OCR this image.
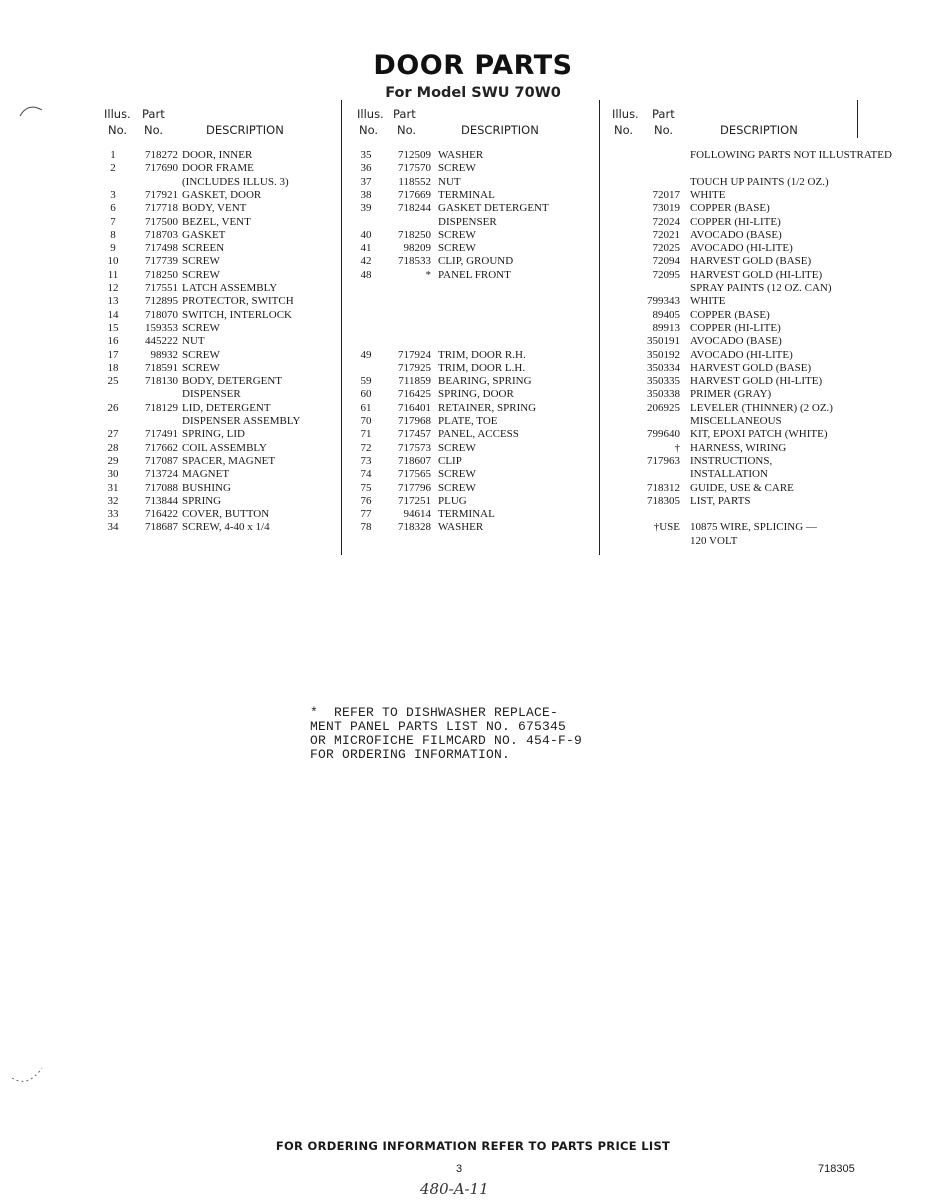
DOOR PARTS
For Model SWU 70W0
Illus. Part
No. No.	DESCRIPTION
1	718272 DOOR, INNER
2	717690 DOOR FRAME
(INCLUDES ILLUS. 3)
3	717921 GASKET, DOOR
6	717718 BODY, VENT
7	717500 BEZEL, VENT
8	718703 GASKET
9	717498 SCREEN
10	717739 SCREW
11	718250 SCREW
12	717551 LATCH ASSEMBLY
13	712895 PROTECTOR, SWITCH
14	718070 SWITCH, INTERLOCK
15	159353 SCREW
16	445222 NUT
17	98932 SCREW
18	718591 SCREW
25	718130 BODY, DETERGENT
DISPENSER
26	718129 LID, DETERGENT
DISPENSER ASSEMBLY
27	717491 SPRING, LID
28	717662 COIL ASSEMBLY
29	717087 SPACER, MAGNET
30	713724 MAGNET
31	717088 BUSHING
32	713844 SPRING
33	716422 COVER, BUTTON
34	718687 SCREW, 4-40 x 1/4
Illus. Part
No. No.	DESCRIPTION
35	712509 WASHER
36	717570 SCREW
37	118552 NUT
38	717669 TERMINAL
39	718244 GASKET DETERGENT
DISPENSER
40	718250 SCREW
41	98209 SCREW
42	718533 CLIP, GROUND
48	* PANEL FRONT
49	717924 TRIM, DOOR R.H.
717925 TRIM, DOOR L.H.
59	711859 BEARING, SPRING
60	716425 SPRING, DOOR
61	716401 RETAINER, SPRING
70	717968 PLATE, TOE
71	717457 PANEL, ACCESS
72	717573 SCREW
73	718607 CLIP
74	717565 SCREW
75	717796 SCREW
76	717251 PLUG
77	94614 TERMINAL
78	718328 WASHER
Illus. Part
No. No.	DESCRIPTION
FOLLOWING PARTS NOT ILLUSTRATED
TOUCH UP PAINTS (1/2 OZ.)
72017 WHITE
73019 COPPER (BASE)
72024 COPPER (HI-LITE)
72021 AVOCADO (BASE)
72025 AVOCADO (HI-LITE)
72094 HARVEST GOLD (BASE)
72095 HARVEST GOLD (HI-LITE)
SPRAY PAINTS (12 OZ. CAN)
799343 WHITE
89405 COPPER (BASE)
89913 COPPER (HI-LITE)
350191 AVOCADO (BASE)
350192 AVOCADO (HI-LITE)
350334 HARVEST GOLD (BASE)
350335 HARVEST GOLD (HI-LITE)
350338 PRIMER (GRAY)
206925 LEVELER (THINNER) (2 OZ.)
MISCELLANEOUS
799640 KIT, EPOXI PATCH (WHITE)
† HARNESS, WIRING
717963 INSTRUCTIONS,
INSTALLATION
718312 GUIDE, USE & CARE
718305 LIST, PARTS
†USE 10875 WIRE, SPLICING —
120 VOLT
*  REFER TO DISHWASHER REPLACE-
MENT PANEL PARTS LIST NO. 675345
OR MICROFICHE FILMCARD NO. 454-F-9
FOR ORDERING INFORMATION.
FOR ORDERING INFORMATION REFER TO PARTS PRICE LIST
3	718305
480-A-11
